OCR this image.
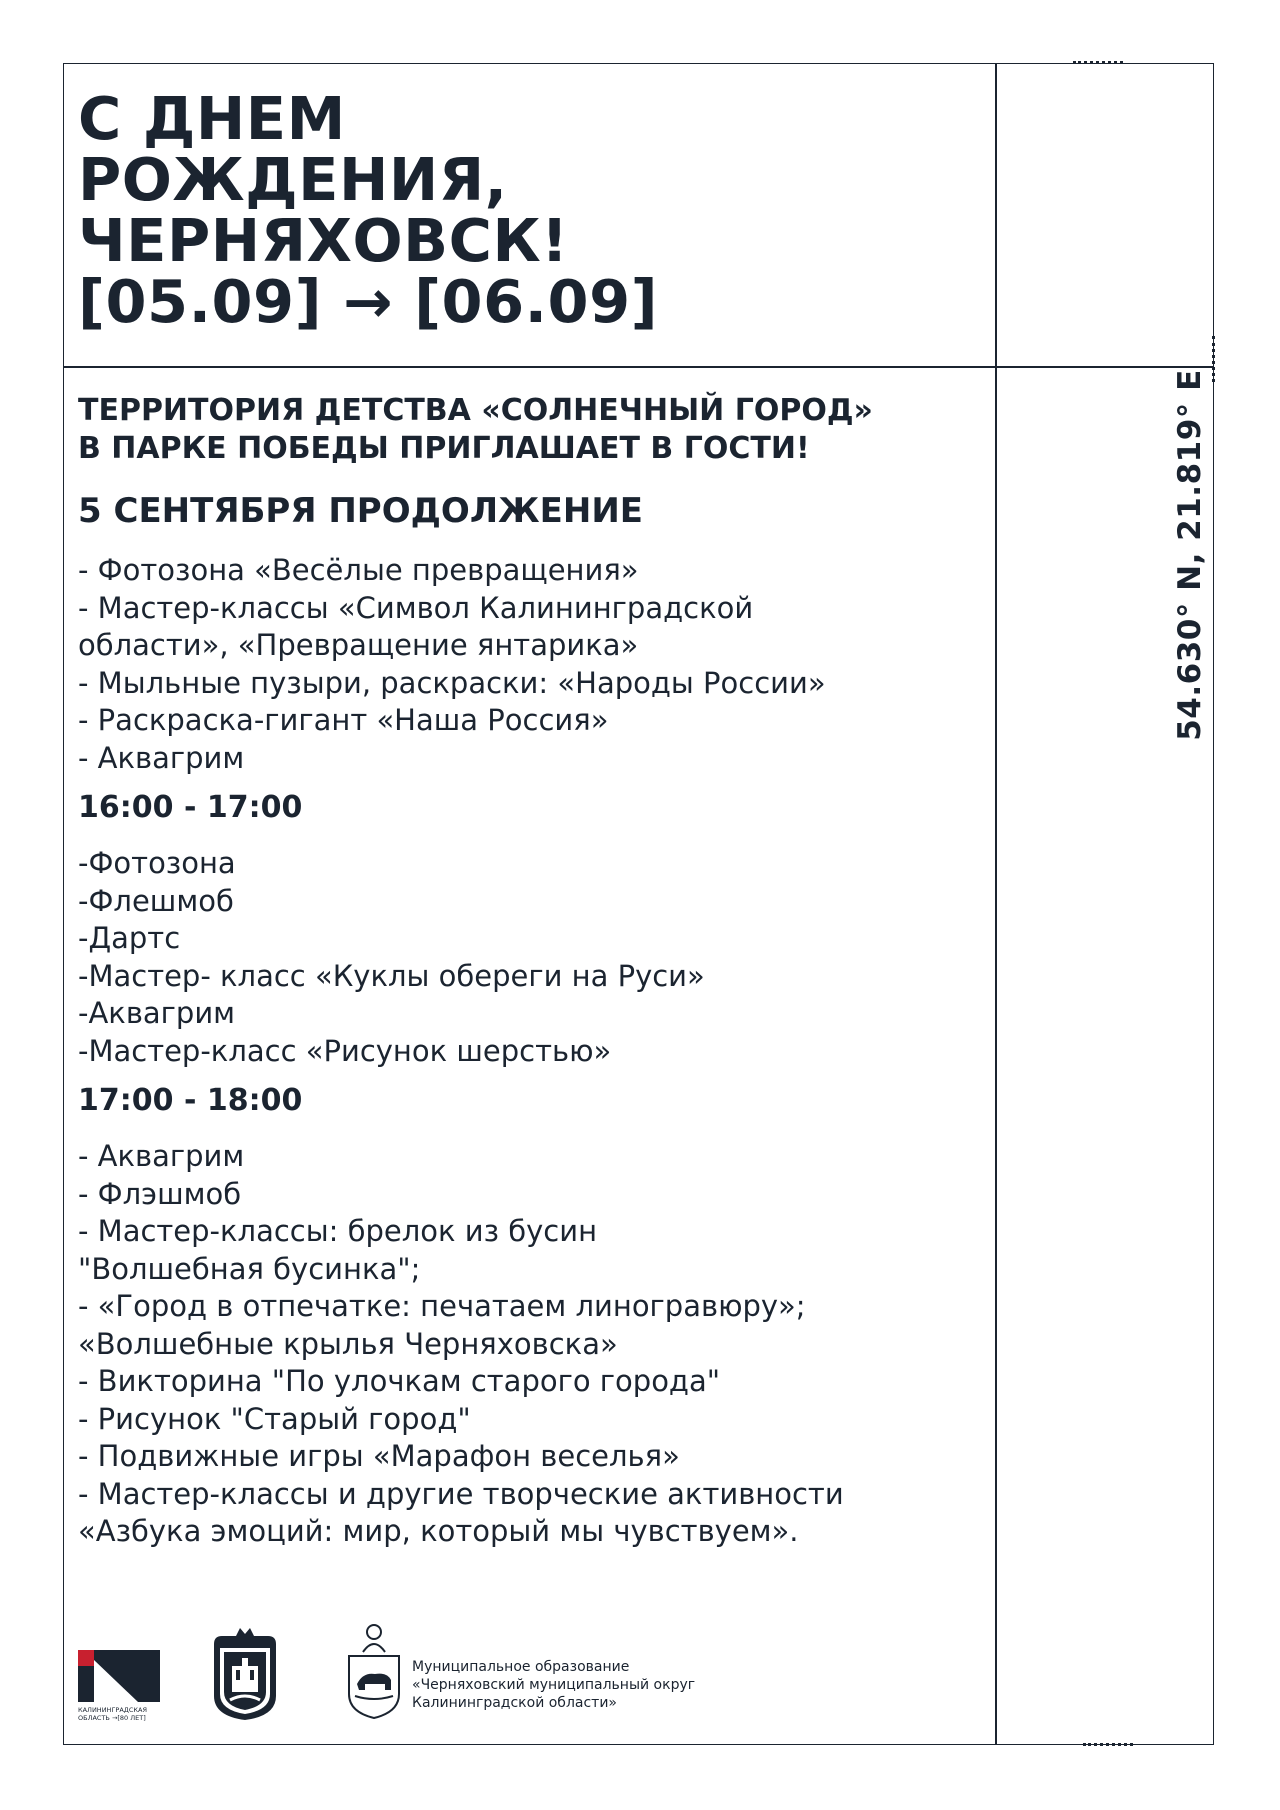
С ДНЕМ
РОЖДЕНИЯ,
ЧЕРНЯХОВСК!
[05.09] → [06.09]
54.630° N, 21.819° E

ТЕРРИТОРИЯ ДЕТСТВА «СОЛНЕЧНЫЙ ГОРОД»
В ПАРКЕ ПОБЕДЫ ПРИГЛАШАЕТ В ГОСТИ!

5 СЕНТЯБРЯ ПРОДОЛЖЕНИЕ
- Фотозона «Весёлые превращения»
- Мастер-классы «Символ Калининградской
области», «Превращение янтарика»
- Мыльные пузыри, раскраски: «Народы России»
- Раскраска-гигант «Наша Россия»
- Аквагрим
16:00 - 17:00
-Фотозона
-Флешмоб
-Дартс
-Мастер- класс «Куклы обереги на Руси»
-Аквагрим
-Мастер-класс «Рисунок шерстью»
17:00 - 18:00
- Аквагрим
- Флэшмоб
- Мастер-классы: брелок из бусин
"Волшебная бусинка";
- «Город в отпечатке: печатаем линогравюру»;
«Волшебные крылья Черняховска»
- Викторина "По улочкам старого города"
- Рисунок "Старый город"
- Подвижные игры «Марафон веселья»
- Мастер-классы и другие творческие активности
«Азбука эмоций: мир, который мы чувствуем».
КАЛИНИНГРАДСКАЯ
ОБЛАСТЬ →[80 ЛЕТ]
Муниципальное образование
«Черняховский муниципальный округ
Калининградской области»
